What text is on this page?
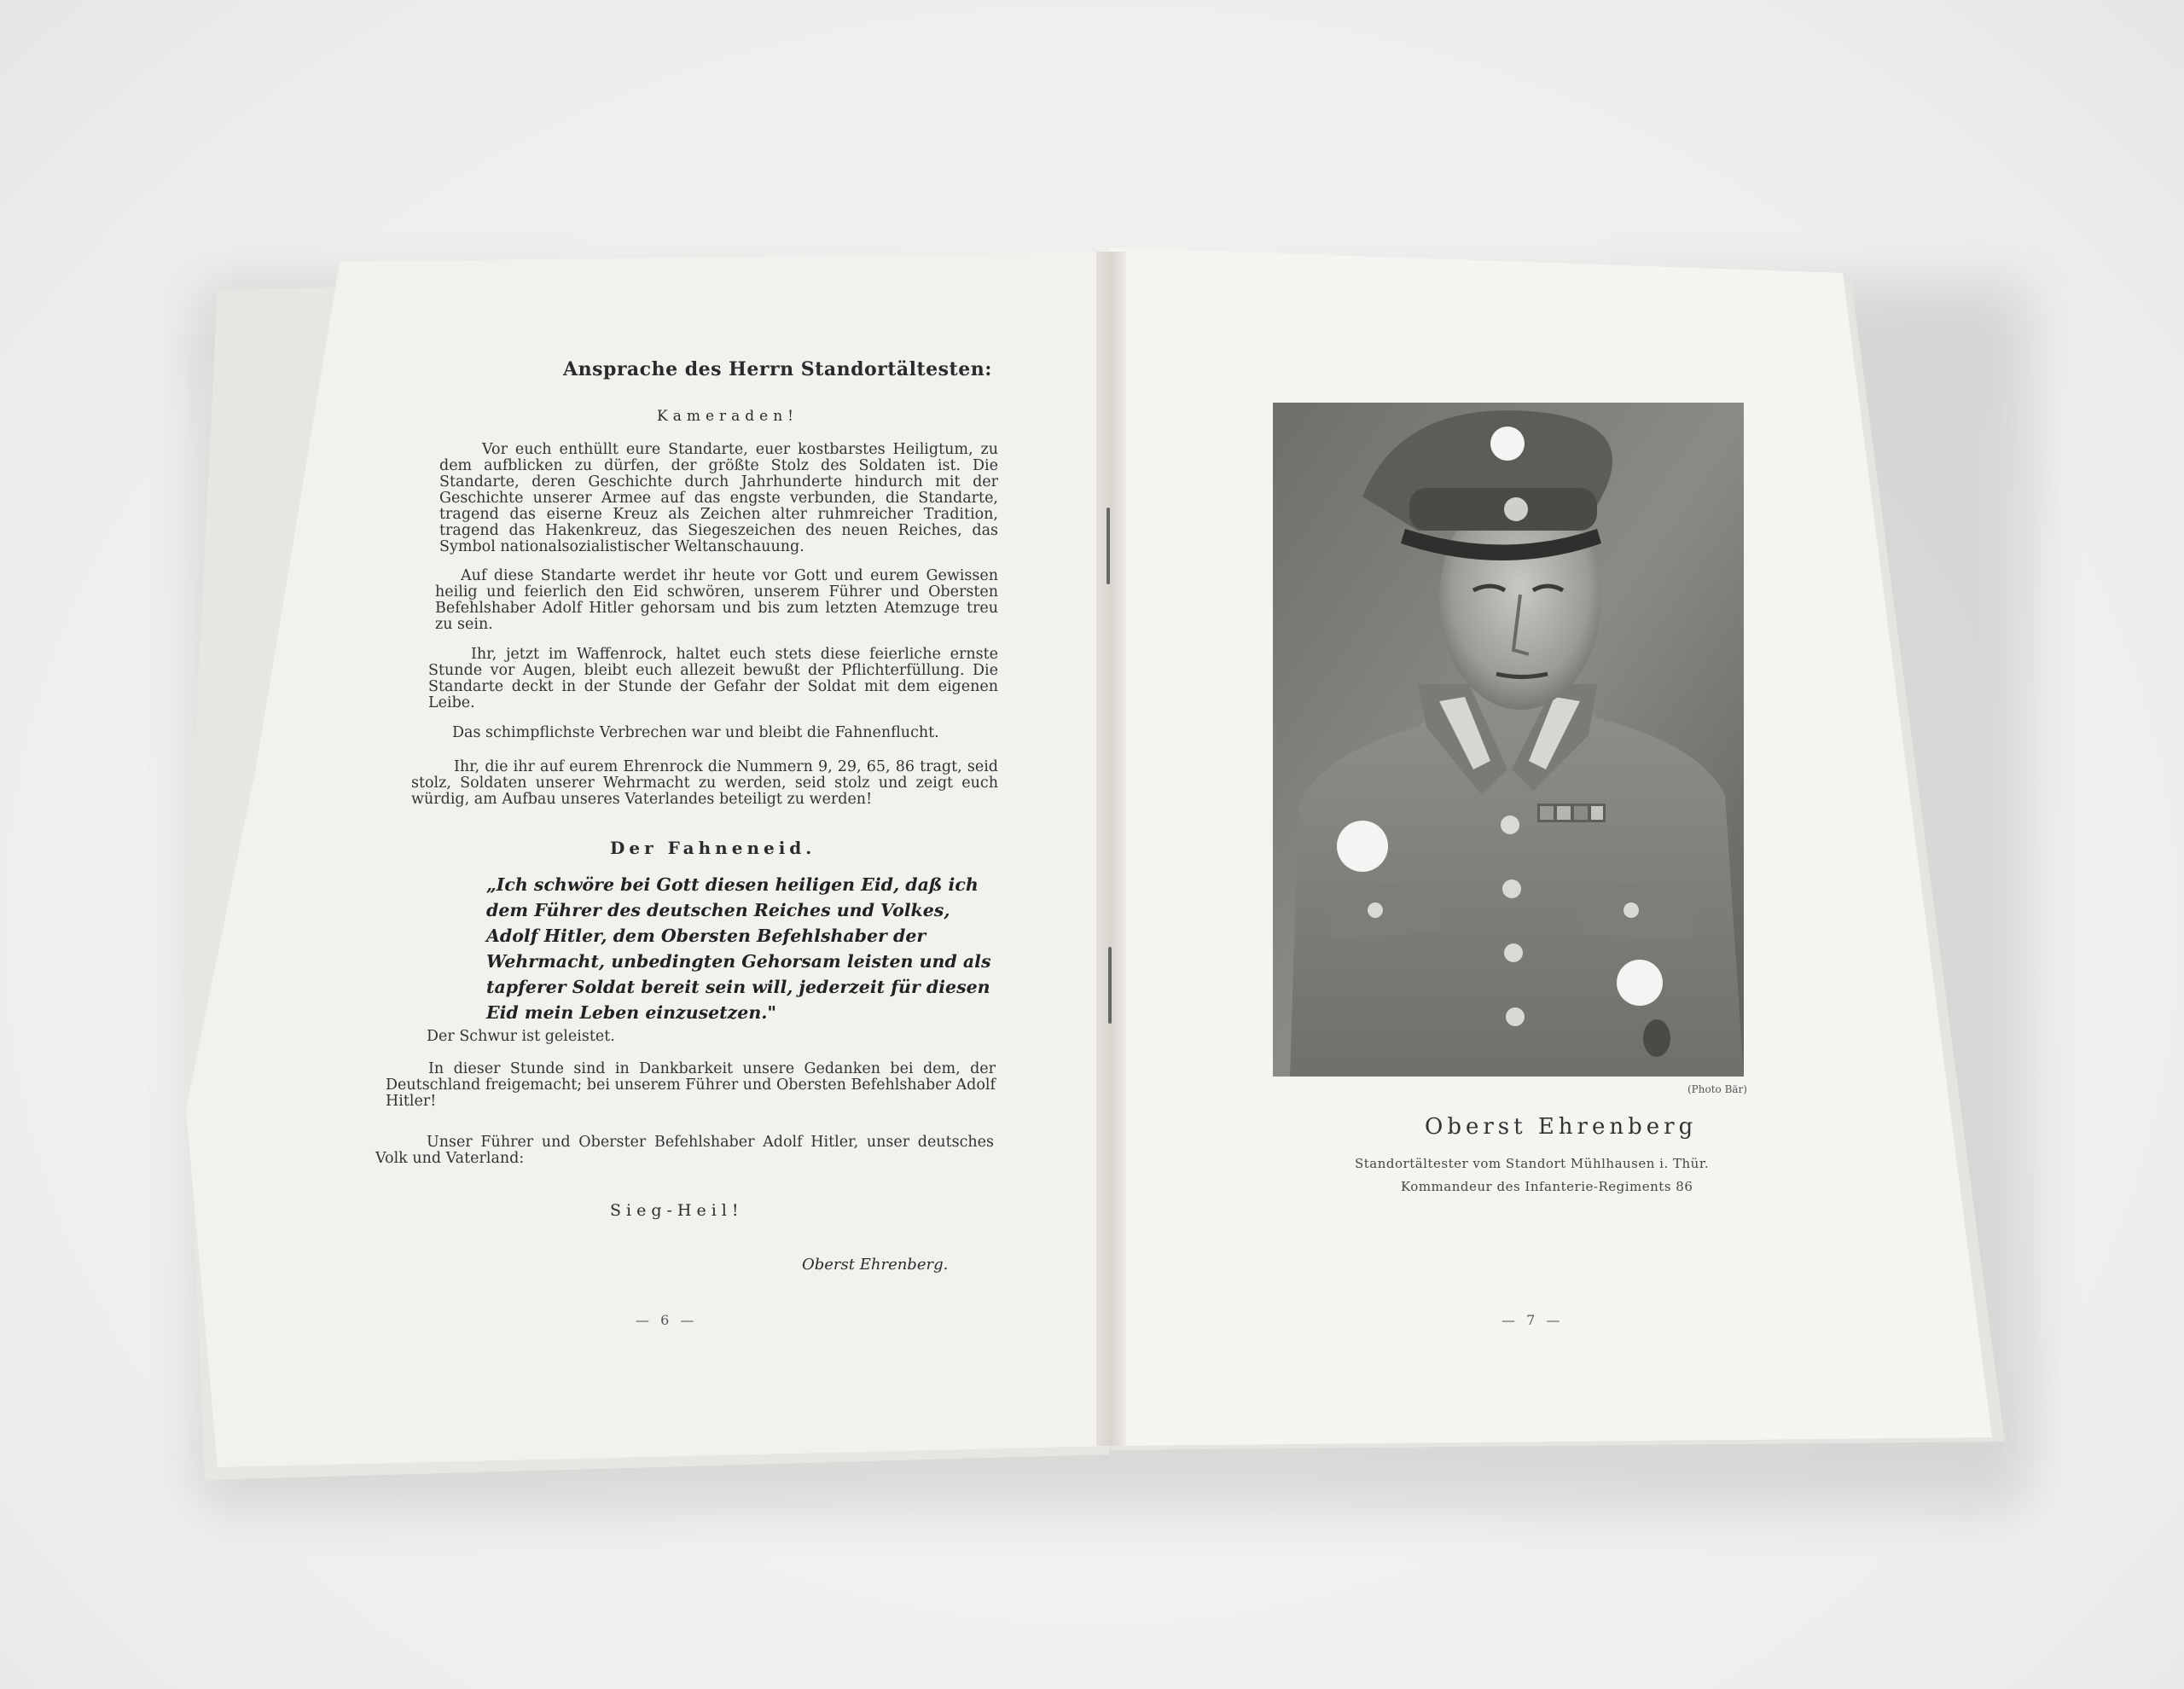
Ansprache des Herrn Standortältesten:
Kameraden!
Vor euch enthüllt eure Standarte, euer kostbarstes Heiligtum, zu dem aufblicken zu dürfen, der größte Stolz des Soldaten ist. Die Standarte, deren Geschichte durch Jahrhunderte hindurch mit der Geschichte unserer Armee auf das engste verbunden, die Standarte, tragend das eiserne Kreuz als Zeichen alter ruhmreicher Tradition, tragend das Hakenkreuz, das Siegeszeichen des neuen Reiches, das Symbol nationalsozialistischer Weltanschauung.
Auf diese Standarte werdet ihr heute vor Gott und eurem Gewissen heilig und feierlich den Eid schwören, unserem Führer und Obersten Befehlshaber Adolf Hitler gehorsam und bis zum letzten Atemzuge treu zu sein.
Ihr, jetzt im Waffenrock, haltet euch stets diese feierliche ernste Stunde vor Augen, bleibt euch allezeit bewußt der Pflichterfüllung. Die Standarte deckt in der Stunde der Gefahr der Soldat mit dem eigenen Leibe.
Das schimpflichste Verbrechen war und bleibt die Fahnenflucht.
Ihr, die ihr auf eurem Ehrenrock die Nummern 9, 29, 65, 86 tragt, seid stolz, Soldaten unserer Wehrmacht zu werden, seid stolz und zeigt euch würdig, am Aufbau unseres Vaterlandes beteiligt zu werden!
Der Fahneneid.
„Ich schwöre bei Gott diesen heiligen Eid, daß ich dem Führer des deutschen Reiches und Volkes, Adolf Hitler, dem Obersten Befehlshaber der Wehrmacht, unbedingten Gehorsam leisten und als tapferer Soldat bereit sein will, jederzeit für diesen Eid mein Leben einzusetzen."
Der Schwur ist geleistet.
In dieser Stunde sind in Dankbarkeit unsere Gedanken bei dem, der Deutschland freigemacht; bei unserem Führer und Obersten Befehlshaber Adolf Hitler!
Unser Führer und Oberster Befehlshaber Adolf Hitler, unser deutsches Volk und Vaterland:
Sieg-Heil!
Oberst Ehrenberg.
— 6 —
(Photo Bär)
Oberst Ehrenberg
Standortältester vom Standort Mühlhausen i. Thür.
Kommandeur des Infanterie-Regiments 86
— 7 —
